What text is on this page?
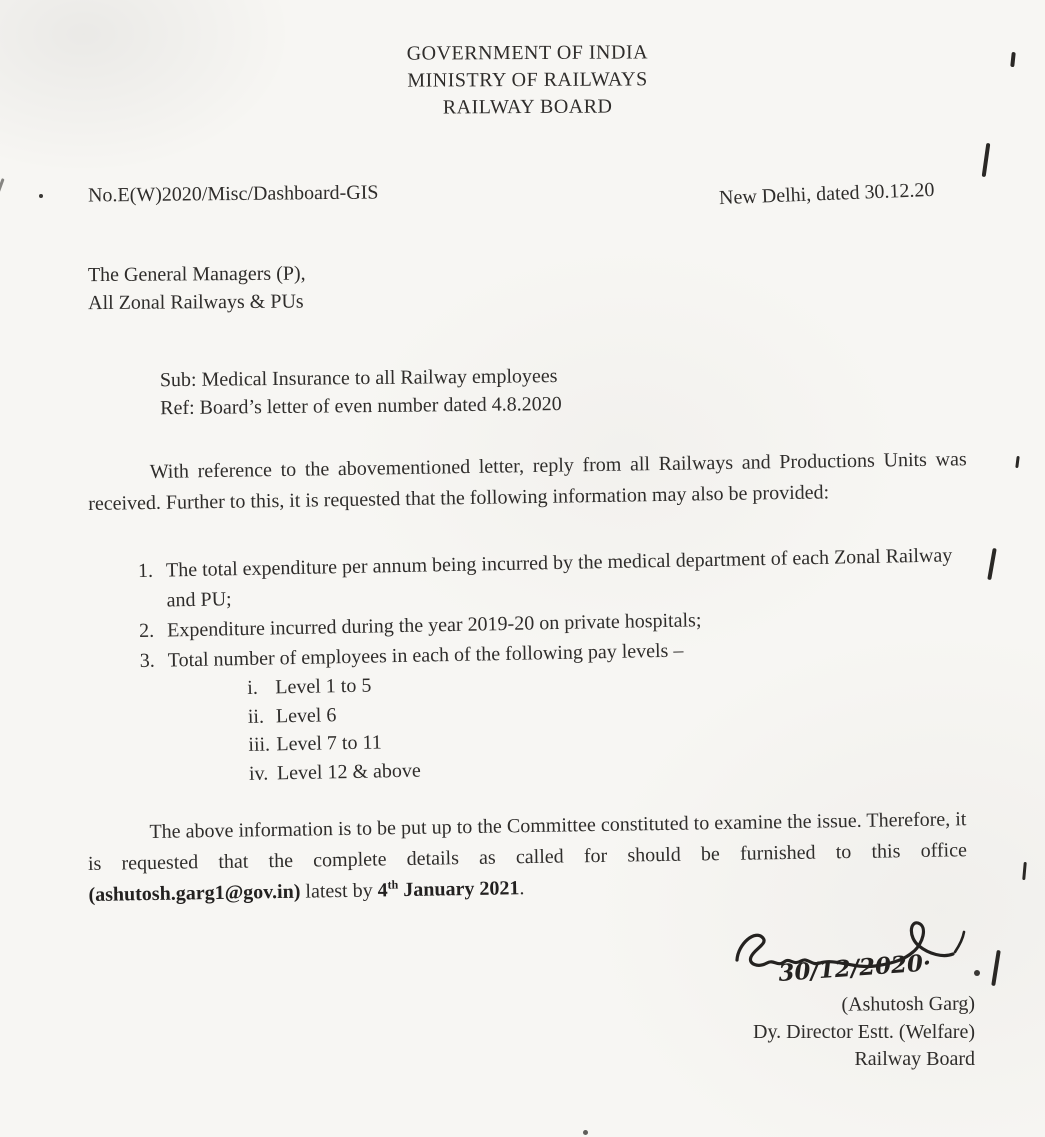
GOVERNMENT OF INDIA
MINISTRY OF RAILWAYS
RAILWAY BOARD
No.E(W)2020/Misc/Dashboard-GIS	New Delhi, dated 30.12.20
The General Managers (P),
All Zonal Railways & PUs
Sub: Medical Insurance to all Railway employees
Ref: Board’s letter of even number dated 4.8.2020
With reference to the abovementioned letter, reply from all Railways and Productions Units was received. Further to this, it is requested that the following information may also be provided:
1. The total expenditure per annum being incurred by the medical department of each Zonal Railway and PU;
2. Expenditure incurred during the year 2019-20 on private hospitals;
3. Total number of employees in each of the following pay levels –
i. Level 1 to 5
ii. Level 6
iii. Level 7 to 11
iv. Level 12 & above
The above information is to be put up to the Committee constituted to examine the issue. Therefore, it is requested that the complete details as called for should be furnished to this office (ashutosh.garg1@gov.in) latest by 4th January 2021.
30/12/2020·
(Ashutosh Garg)
Dy. Director Estt. (Welfare)
Railway Board
